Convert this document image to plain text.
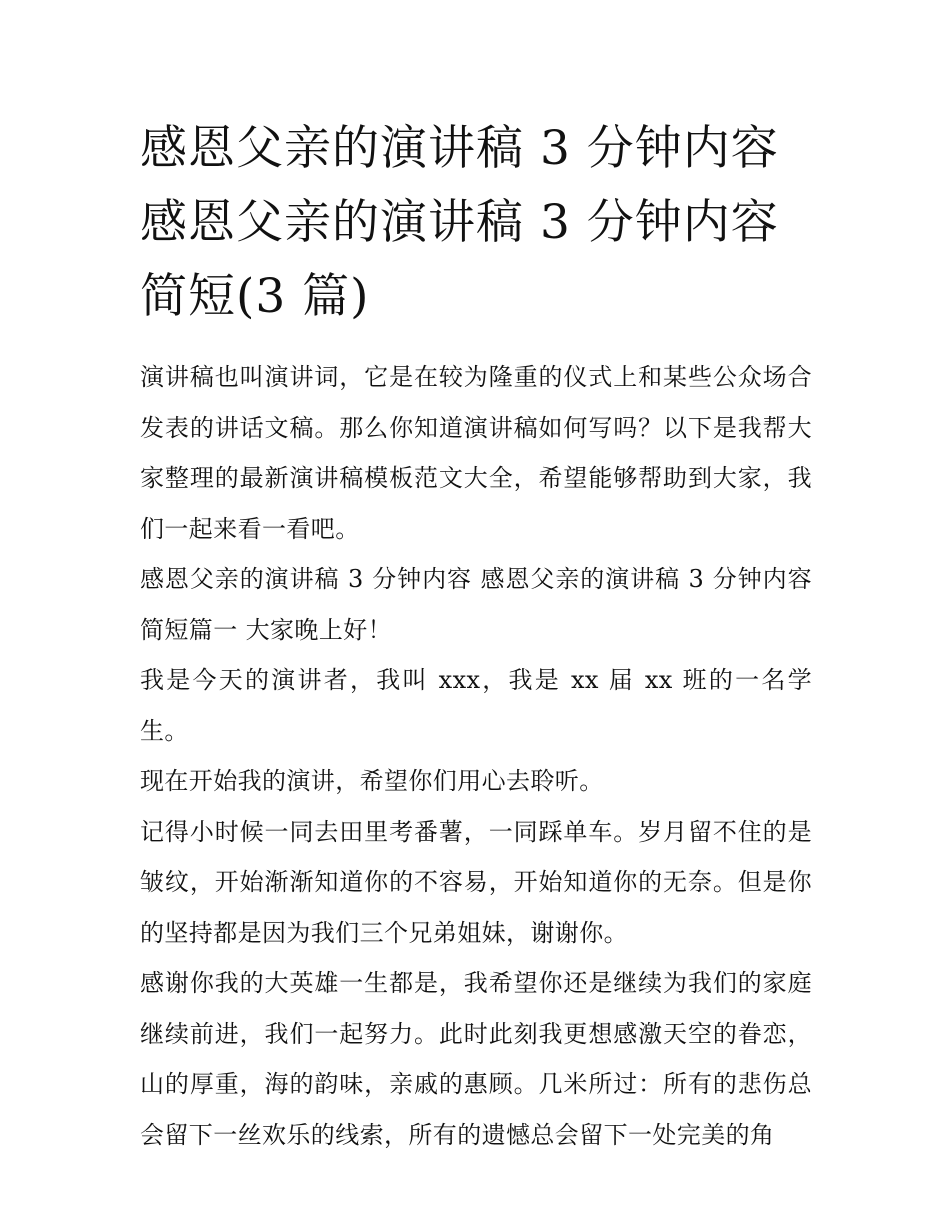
感恩父亲的演讲稿 3 分钟内容
感恩父亲的演讲稿 3 分钟内容
简短(3 篇)

演讲稿也叫演讲词，它是在较为隆重的仪式上和某些公众场合发表的讲话文稿。那么你知道演讲稿如何写吗？以下是我帮大家整理的最新演讲稿模板范文大全，希望能够帮助到大家，我们一起来看一看吧。

感恩父亲的演讲稿 3 分钟内容 感恩父亲的演讲稿 3 分钟内容简短篇一 大家晚上好！

我是今天的演讲者，我叫 xxx，我是 xx 届 xx 班的一名学生。

现在开始我的演讲，希望你们用心去聆听。

记得小时候一同去田里考番薯，一同踩单车。岁月留不住的是皱纹，开始渐渐知道你的不容易，开始知道你的无奈。但是你的坚持都是因为我们三个兄弟姐妹，谢谢你。

感谢你我的大英雄一生都是，我希望你还是继续为我们的家庭继续前进，我们一起努力。此时此刻我更想感激天空的眷恋，山的厚重，海的韵味，亲戚的惠顾。几米所过：所有的悲伤总会留下一丝欢乐的线索，所有的遗憾总会留下一处完美的角
